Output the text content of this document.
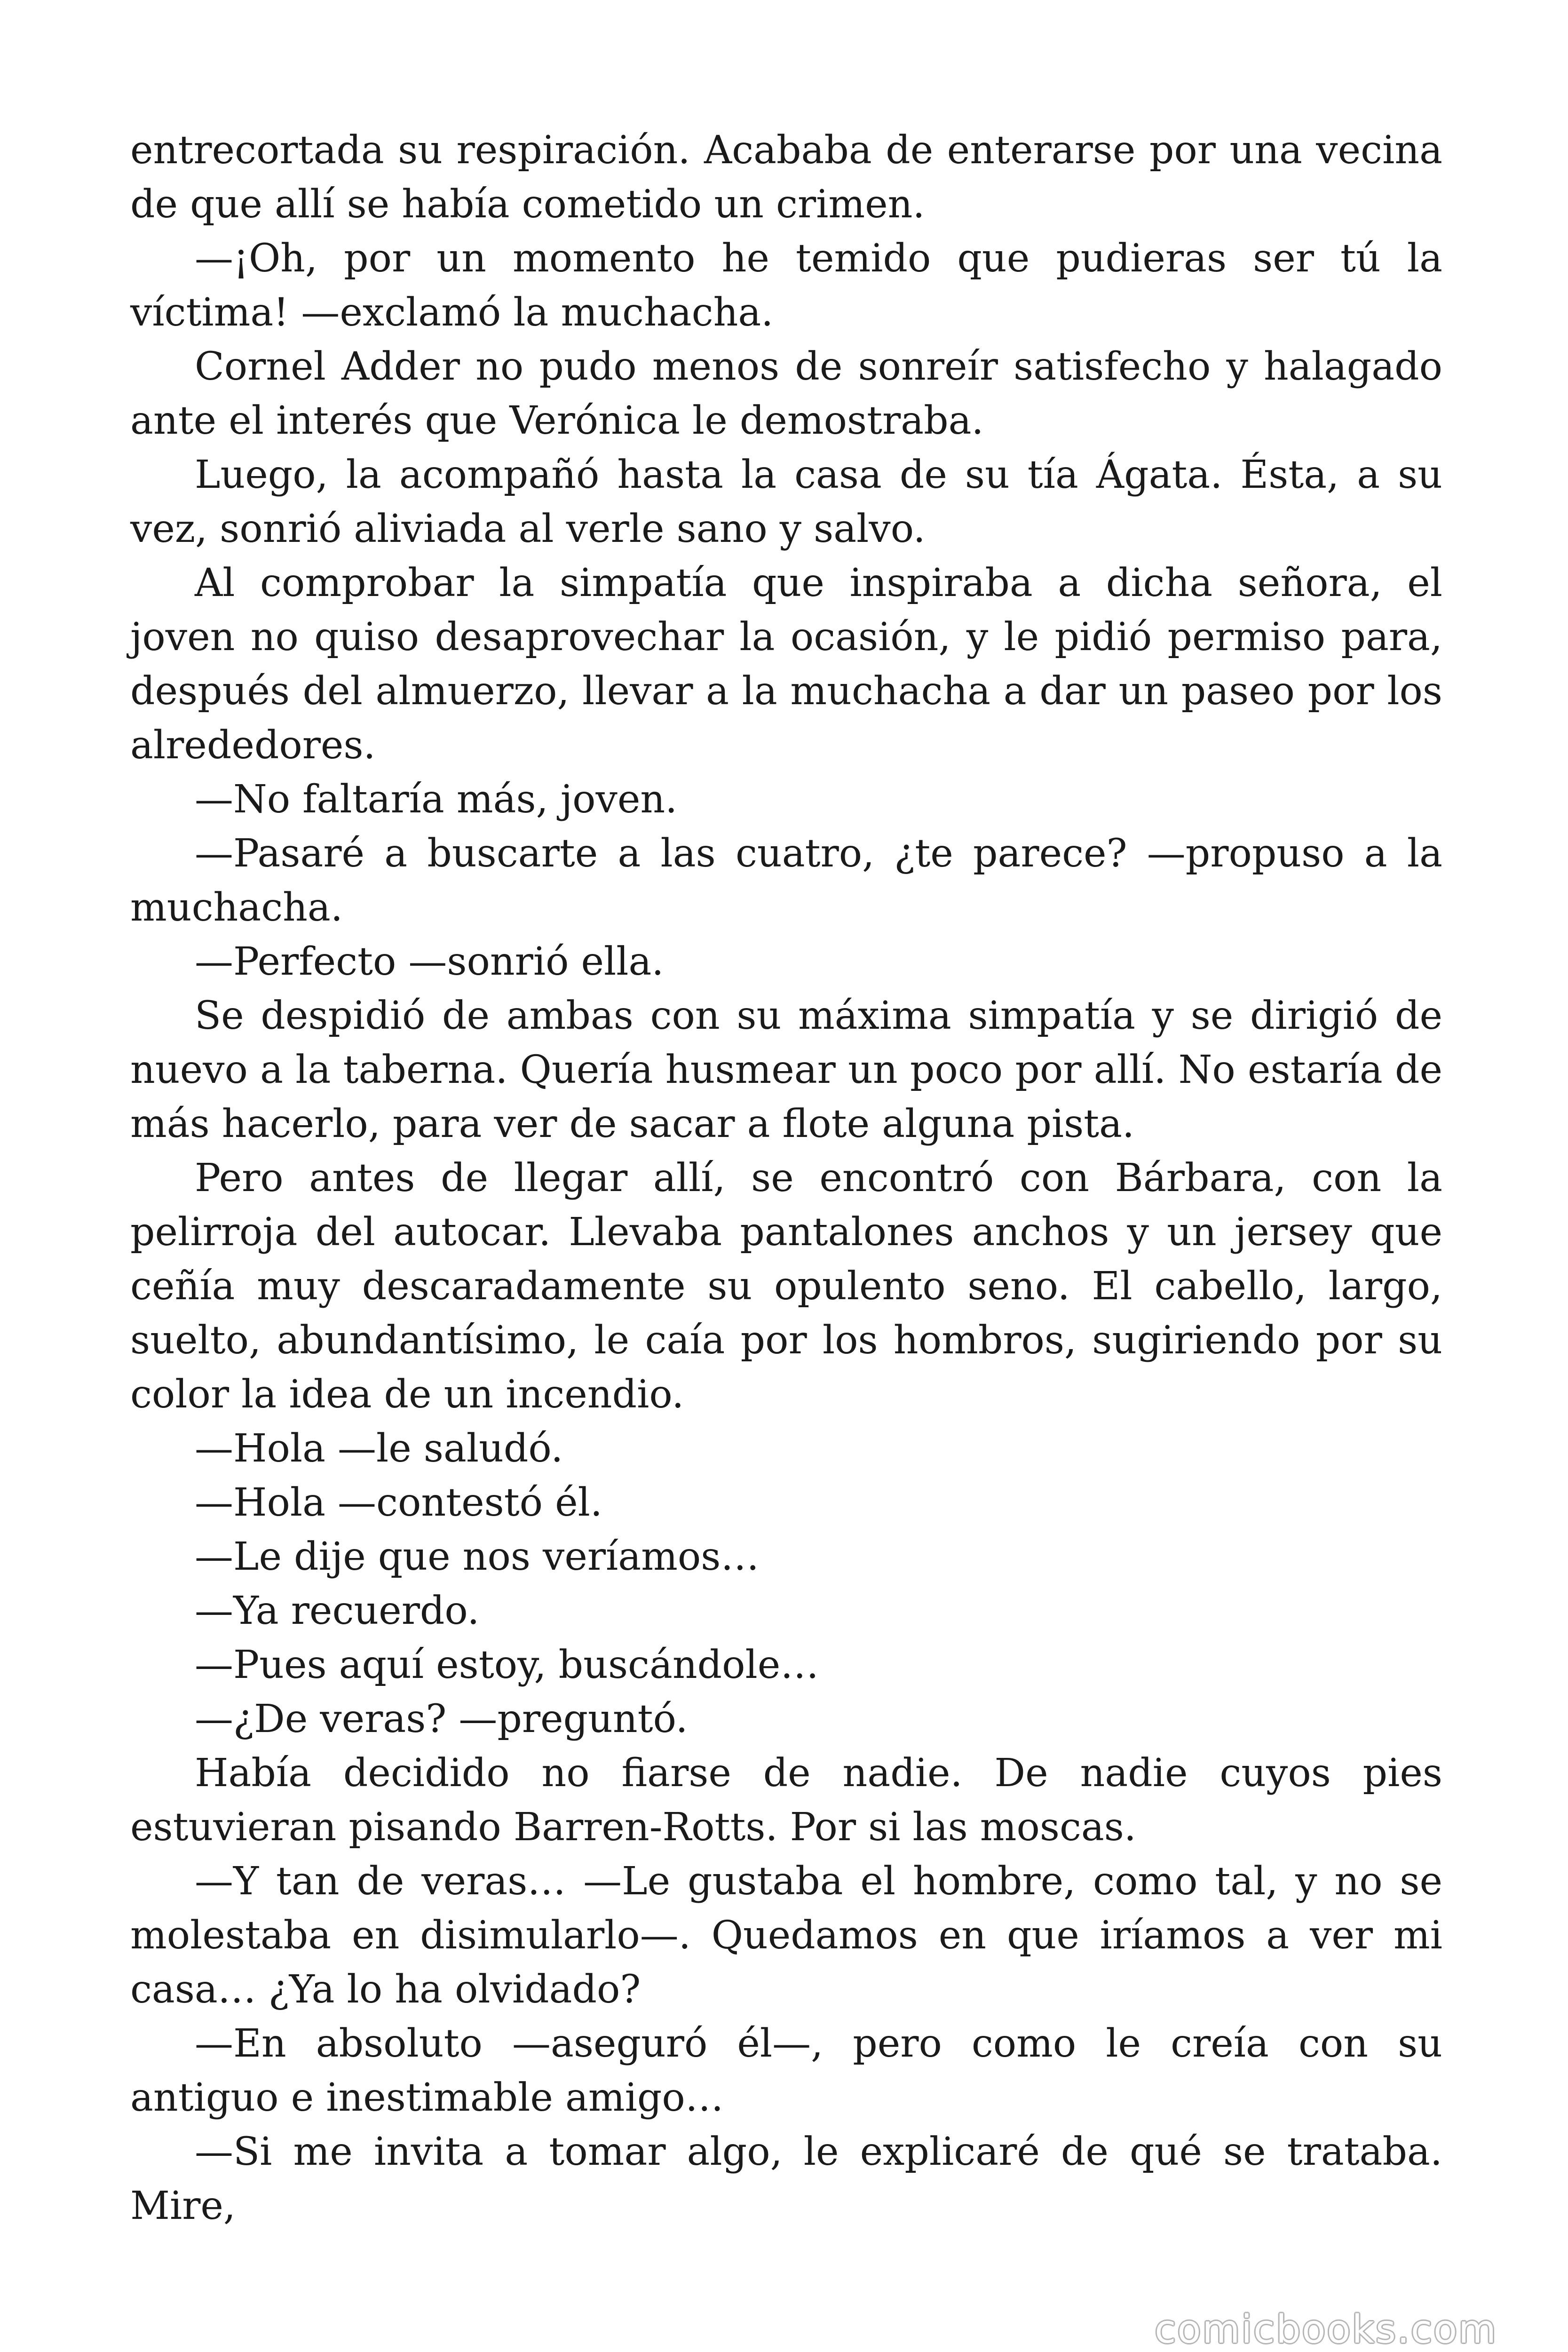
entrecortada su respiración. Acababa de enterarse por una vecina de que allí se había cometido un crimen.

—¡Oh, por un momento he temido que pudieras ser tú la víctima! —exclamó la muchacha.

Cornel Adder no pudo menos de sonreír satisfecho y halagado ante el interés que Verónica le demostraba.

Luego, la acompañó hasta la casa de su tía Ágata. Ésta, a su vez, sonrió aliviada al verle sano y salvo.

Al comprobar la simpatía que inspiraba a dicha señora, el joven no quiso desaprovechar la ocasión, y le pidió permiso para, después del almuerzo, llevar a la muchacha a dar un paseo por los alrededores.

—No faltaría más, joven.

—Pasaré a buscarte a las cuatro, ¿te parece? —propuso a la muchacha.

—Perfecto —sonrió ella.

Se despidió de ambas con su máxima simpatía y se dirigió de nuevo a la taberna. Quería husmear un poco por allí. No estaría de más hacerlo, para ver de sacar a flote alguna pista.

Pero antes de llegar allí, se encontró con Bárbara, con la pelirroja del autocar. Llevaba pantalones anchos y un jersey que ceñía muy descaradamente su opulento seno. El cabello, largo, suelto, abundantísimo, le caía por los hombros, sugiriendo por su color la idea de un incendio.

—Hola —le saludó.

—Hola —contestó él.

—Le dije que nos veríamos…

—Ya recuerdo.

—Pues aquí estoy, buscándole…

—¿De veras? —preguntó.

Había decidido no fiarse de nadie. De nadie cuyos pies estuvieran pisando Barren-Rotts. Por si las moscas.

—Y tan de veras… —Le gustaba el hombre, como tal, y no se molestaba en disimularlo—. Quedamos en que iríamos a ver mi casa… ¿Ya lo ha olvidado?

—En absoluto —aseguró él—, pero como le creía con su antiguo e inestimable amigo…

—Si me invita a tomar algo, le explicaré de qué se trataba. Mire,

comicbooks.com
